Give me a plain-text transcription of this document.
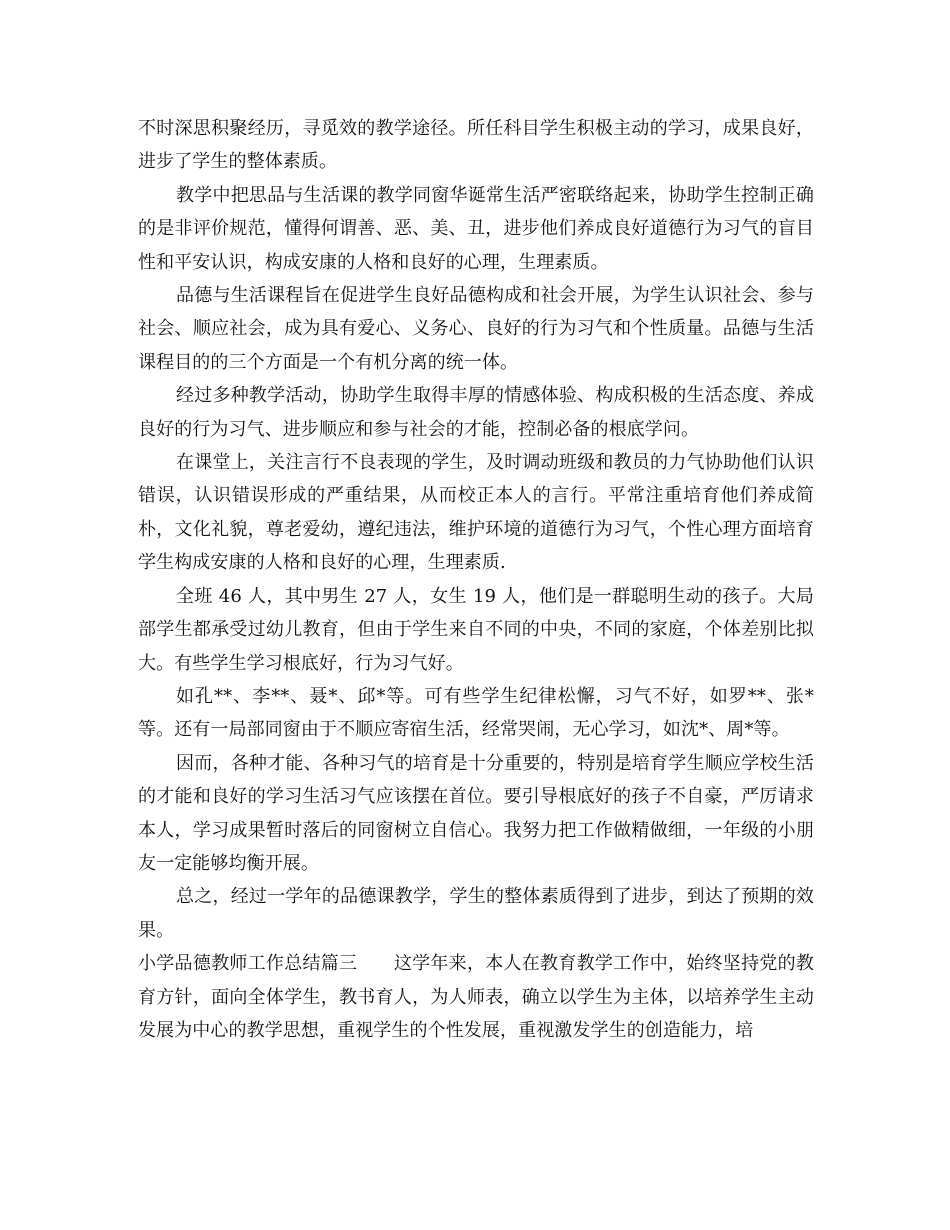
不时深思积聚经历，寻觅效的教学途径。所任科目学生积极主动的学习，成果良好，进步了学生的整体素质。

教学中把思品与生活课的教学同窗华诞常生活严密联络起来，协助学生控制正确的是非评价规范，懂得何谓善、恶、美、丑，进步他们养成良好道德行为习气的盲目性和平安认识，构成安康的人格和良好的心理，生理素质。

品德与生活课程旨在促进学生良好品德构成和社会开展，为学生认识社会、参与社会、顺应社会，成为具有爱心、义务心、良好的行为习气和个性质量。品德与生活课程目的的三个方面是一个有机分离的统一体。

经过多种教学活动，协助学生取得丰厚的情感体验、构成积极的生活态度、养成良好的行为习气、进步顺应和参与社会的才能，控制必备的根底学问。

在课堂上，关注言行不良表现的学生，及时调动班级和教员的力气协助他们认识错误，认识错误形成的严重结果，从而校正本人的言行。平常注重培育他们养成简朴，文化礼貌，尊老爱幼，遵纪违法，维护环境的道德行为习气，个性心理方面培育学生构成安康的人格和良好的心理，生理素质.

全班 46 人，其中男生 27 人，女生 19 人，他们是一群聪明生动的孩子。大局部学生都承受过幼儿教育，但由于学生来自不同的中央，不同的家庭，个体差别比拟大。有些学生学习根底好，行为习气好。

如孔**、李**、聂*、邱*等。可有些学生纪律松懈，习气不好，如罗**、张*等。还有一局部同窗由于不顺应寄宿生活，经常哭闹，无心学习，如沈*、周*等。

因而，各种才能、各种习气的培育是十分重要的，特别是培育学生顺应学校生活的才能和良好的学习生活习气应该摆在首位。要引导根底好的孩子不自豪，严厉请求本人，学习成果暂时落后的同窗树立自信心。我努力把工作做精做细，一年级的小朋友一定能够均衡开展。

总之，经过一学年的品德课教学，学生的整体素质得到了进步，到达了预期的效果。

小学品德教师工作总结篇三　　这学年来，本人在教育教学工作中，始终坚持党的教育方针，面向全体学生，教书育人，为人师表，确立以学生为主体，以培养学生主动发展为中心的教学思想，重视学生的个性发展，重视激发学生的创造能力，培
